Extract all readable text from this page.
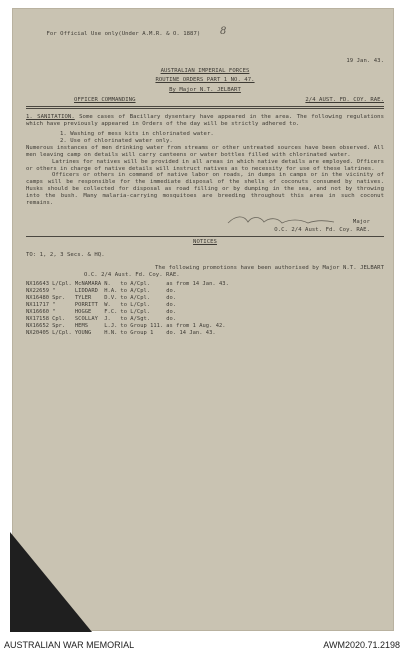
For Official Use only(Under A.M.R. & O. 1887)
8

19 Jan. 43.
AUSTRALIAN IMPERIAL FORCES
ROUTINE ORDERS PART 1 NO. 47.
By Major N.T. JELBART
OFFICER COMMANDING	2/4 AUST. FD. COY. RAE.
1. SANITATION. Some cases of Bacillary dysentary have appeared in the area. The following regulations which have previously appeared in Orders of the day will be strictly adhered to.
1. Washing of mess kits in chlorinated water.
2. Use of chlorinated water only.
Numerous instances of men drinking water from streams or other untreated sources have been observed. All men leaving camp on details will carry canteens or water bottles filled with chlorinated water.
Latrines for natives will be provided in all areas in which native details are employed. Officers or others in charge of native details will instruct natives as to necessity for use of these latrines.
Officers or others in command of native labor on roads, in dumps in camps or in the vicinity of camps will be responsible for the immediate disposal of the shells of coconuts consumed by natives. Husks should be collected for disposal as road filling or by dumping in the sea, and not by throwing into the bush. Many malaria-carrying mosquitoes are breeding throughout this area in such coconut remains.
Major
O.C. 2/4 Aust. Fd. Coy. RAE.
NOTICES
TO: 1, 2, 3 Secs. & HQ.
The following promotions have been authorised by Major N.T. JELBART
O.C. 2/4 Aust. Fd. Coy. RAE.
NX16643	L/Cpl.	McNAMARA	N.	to A/Cpl.	as from 14 Jan. 43.
NX22659	"	LIDDARD	H.A.	to A/Cpl.	do.
NX16480	Spr.	TYLER	D.V.	to A/Cpl.	do.
NX11717	"	PORRITT	W.	to L/Cpl.	do.
NX16660	"	HOGGE	F.C.	to L/Cpl.	do.
NX17158	Cpl.	SCOLLAY	J.	to A/Sgt.	do.
NX16652	Spr.	HEMS	L.J.	to Group 111.	as from 1 Aug. 42.
NX20405	L/Cpl.	YOUNG	H.N.	to Group 1	do. 14 Jan. 43.
AUSTRALIAN WAR MEMORIAL	AWM2020.71.2198
